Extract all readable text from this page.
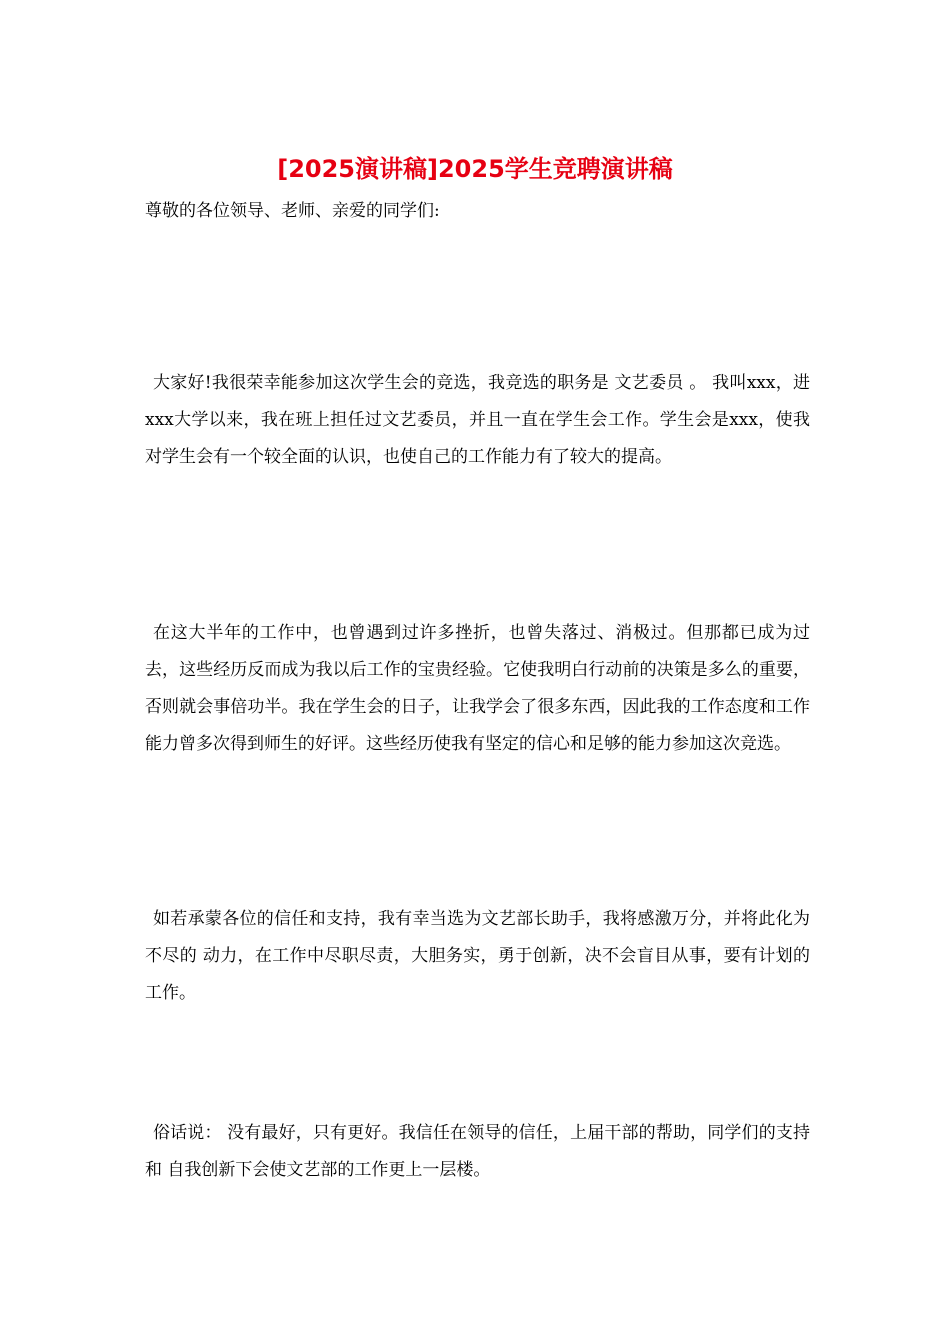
[2025演讲稿]2025学生竞聘演讲稿

尊敬的各位领导、老师、亲爱的同学们:

大家好!我很荣幸能参加这次学生会的竞选，我竞选的职务是 文艺委员 。 我叫xxx，进xxx大学以来，我在班上担任过文艺委员，并且一直在学生会工作。学生会是xxx，使我对学生会有一个较全面的认识，也使自己的工作能力有了较大的提高。

在这大半年的工作中，也曾遇到过许多挫折，也曾失落过、消极过。但那都已成为过去，这些经历反而成为我以后工作的宝贵经验。它使我明白行动前的决策是多么的重要，否则就会事倍功半。我在学生会的日子，让我学会了很多东西，因此我的工作态度和工作能力曾多次得到师生的好评。这些经历使我有坚定的信心和足够的能力参加这次竞选。

如若承蒙各位的信任和支持，我有幸当选为文艺部长助手，我将感激万分，并将此化为不尽的 动力，在工作中尽职尽责，大胆务实，勇于创新，决不会盲目从事，要有计划的工作。

俗话说： 没有最好，只有更好。我信任在领导的信任，上届干部的帮助，同学们的支持和 自我创新下会使文艺部的工作更上一层楼。
